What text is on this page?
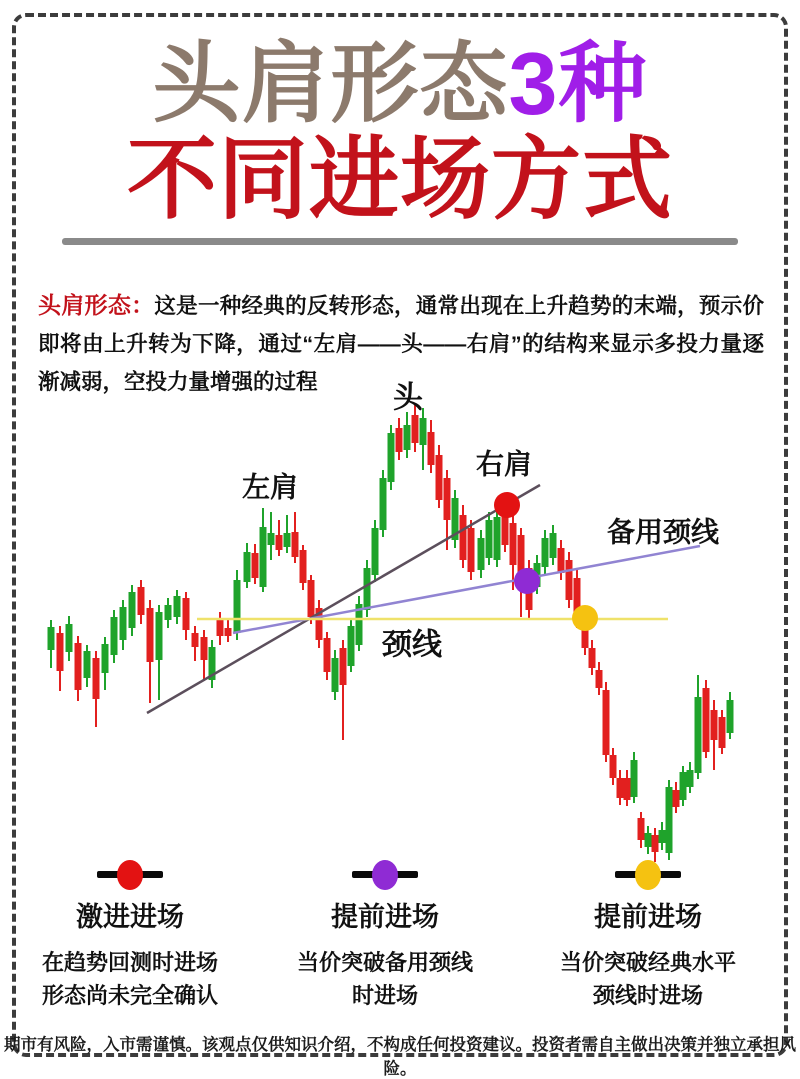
左肩
头
右肩
备用颈线
颈线
头肩形态3种
不同进场方式
头肩形态：这是一种经典的反转形态，通常出现在上升趋势的末端，预示价即将由上升转为下降，通过“左肩——头——右肩”的结构来显示多投力量逐渐减弱，空投力量增强的过程
激进进场
在趋势回测时进场
形态尚未完全确认
提前进场
当价突破备用颈线
时进场
提前进场
当价突破经典水平
颈线时进场
期市有风险，入市需谨慎。该观点仅供知识介绍，不构成任何投资建议。投资者需自主做出决策并独立承担风险。
